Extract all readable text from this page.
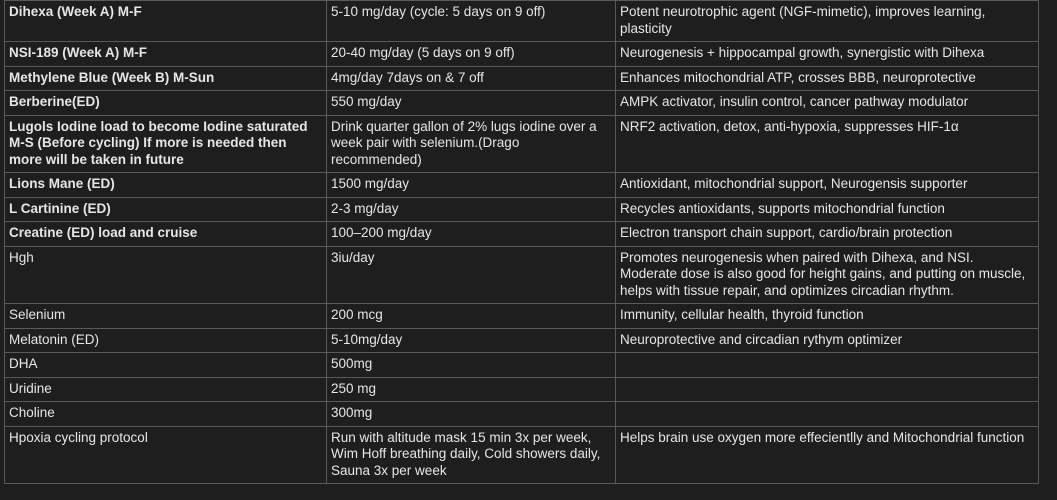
Dihexa (Week A) M-F	5-10 mg/day (cycle: 5 days on 9 off)	Potent neurotrophic agent (NGF-mimetic), improves learning, plasticity
NSI-189 (Week A) M-F	20-40 mg/day (5 days on 9 off)	Neurogenesis + hippocampal growth, synergistic with Dihexa
Methylene Blue (Week B) M-Sun	4mg/day 7days on & 7 off	Enhances mitochondrial ATP, crosses BBB, neuroprotective
Berberine(ED)	550 mg/day	AMPK activator, insulin control, cancer pathway modulator
Lugols Iodine load to become Iodine saturated M-S (Before cycling) If more is needed then more will be taken in future	Drink quarter gallon of 2% lugs iodine over a week pair with selenium.(Drago recommended)	NRF2 activation, detox, anti-hypoxia, suppresses HIF-1α
Lions Mane (ED)	1500 mg/day	Antioxidant, mitochondrial support, Neurogensis supporter
L Cartinine (ED)	2-3 mg/day	Recycles antioxidants, supports mitochondrial function
Creatine (ED) load and cruise	100–200 mg/day	Electron transport chain support, cardio/brain protection
Hgh	3iu/day	Promotes neurogenesis when paired with Dihexa, and NSI. Moderate dose is also good for height gains, and putting on muscle, helps with tissue repair, and optimizes circadian rhythm.
Selenium	200 mcg	Immunity, cellular health, thyroid function
Melatonin (ED)	5-10mg/day	Neuroprotective and circadian rythym optimizer
DHA	500mg	
Uridine	250 mg	
Choline	300mg	
Hpoxia cycling protocol	Run with altitude mask 15 min 3x per week, Wim Hoff breathing daily, Cold showers daily, Sauna 3x per week	Helps brain use oxygen more effecientlly and Mitochondrial function
